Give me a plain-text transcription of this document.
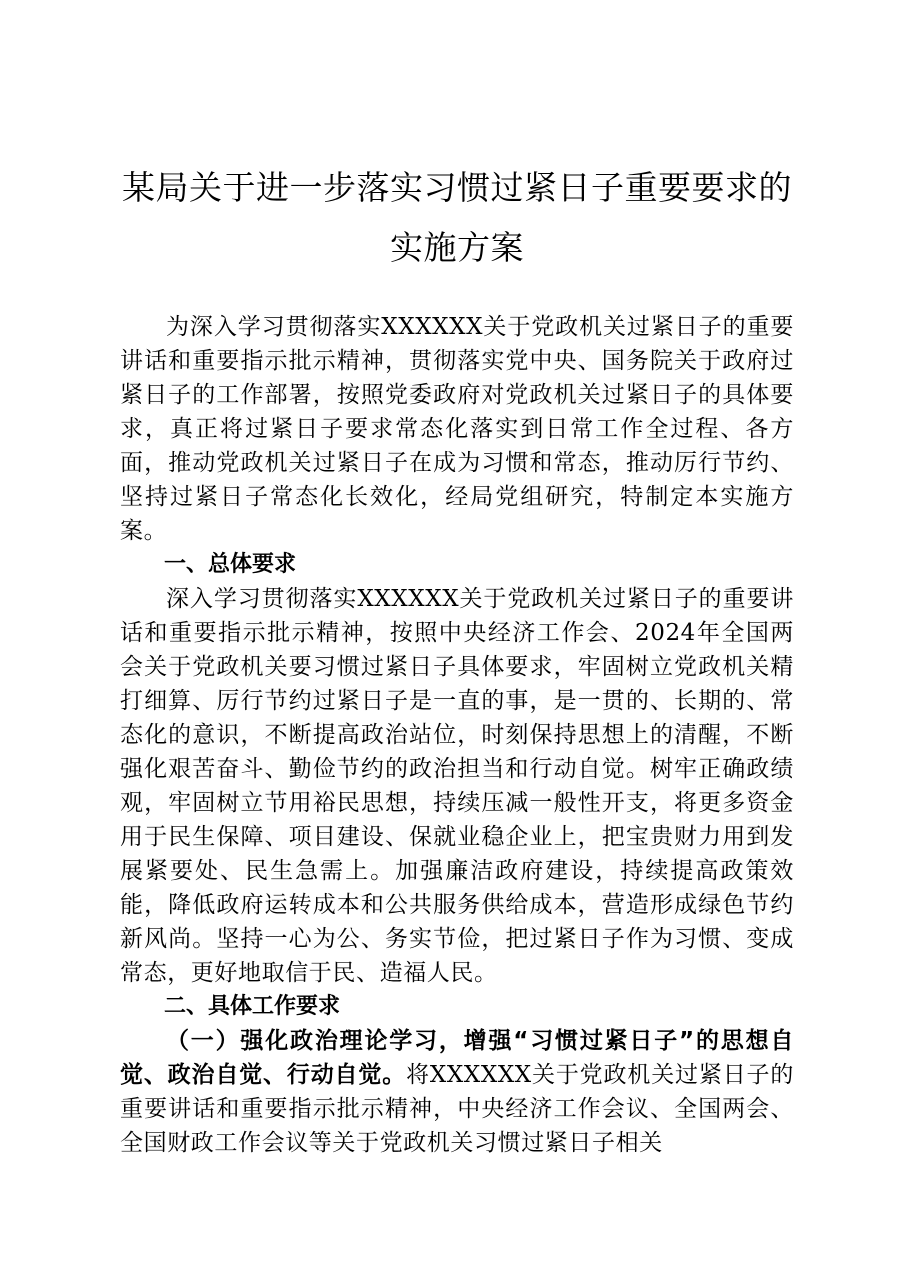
某局关于进一步落实习惯过紧日子重要要求的
实施方案

为深入学习贯彻落实XXXXXX关于党政机关过紧日子的重要讲话和重要指示批示精神，贯彻落实党中央、国务院关于政府过紧日子的工作部署，按照党委政府对党政机关过紧日子的具体要求，真正将过紧日子要求常态化落实到日常工作全过程、各方面，推动党政机关过紧日子在成为习惯和常态，推动厉行节约、坚持过紧日子常态化长效化，经局党组研究，特制定本实施方案。

一、总体要求

深入学习贯彻落实XXXXXX关于党政机关过紧日子的重要讲话和重要指示批示精神，按照中央经济工作会、2024年全国两会关于党政机关要习惯过紧日子具体要求，牢固树立党政机关精打细算、厉行节约过紧日子是一直的事，是一贯的、长期的、常态化的意识，不断提高政治站位，时刻保持思想上的清醒，不断强化艰苦奋斗、勤俭节约的政治担当和行动自觉。树牢正确政绩观，牢固树立节用裕民思想，持续压减一般性开支，将更多资金用于民生保障、项目建设、保就业稳企业上，把宝贵财力用到发展紧要处、民生急需上。加强廉洁政府建设，持续提高政策效能，降低政府运转成本和公共服务供给成本，营造形成绿色节约新风尚。坚持一心为公、务实节俭，把过紧日子作为习惯、变成常态，更好地取信于民、造福人民。

二、具体工作要求

（一）强化政治理论学习，增强“习惯过紧日子”的思想自觉、政治自觉、行动自觉。将XXXXXX关于党政机关过紧日子的重要讲话和重要指示批示精神，中央经济工作会议、全国两会、全国财政工作会议等关于党政机关习惯过紧日子相关
